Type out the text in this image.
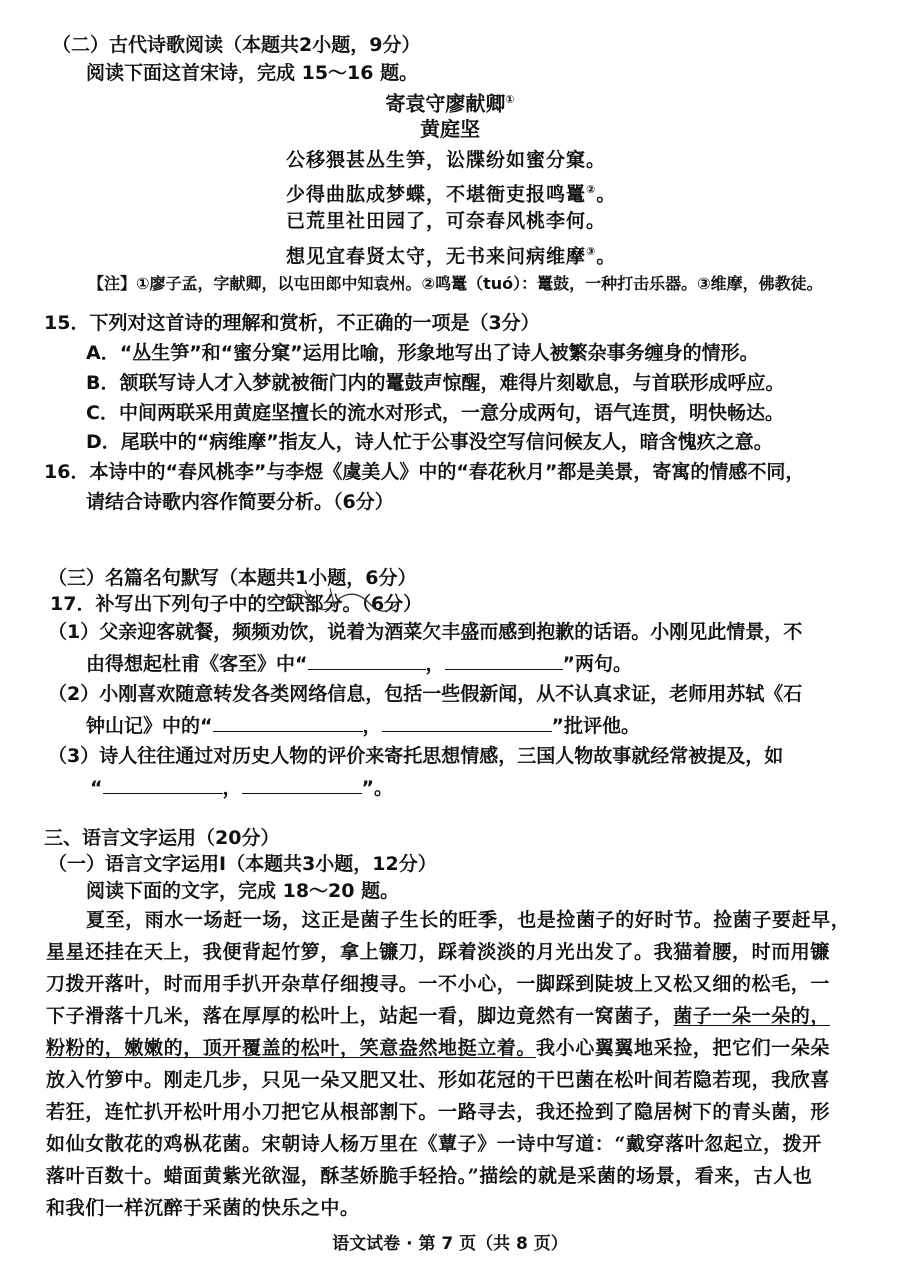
（二）古代诗歌阅读（本题共2小题，9分）
阅读下面这首宋诗，完成 15～16 题。
寄袁守廖献卿①
黄庭坚
公移猥甚丛生笋，讼牒纷如蜜分窠。
少得曲肱成梦蝶，不堪衙吏报鸣鼍②。
已荒里社田园了，可奈春风桃李何。
想见宜春贤太守，无书来问病维摩③。
【注】①廖子孟，字献卿，以屯田郎中知袁州。②鸣鼍（tuó）：鼍鼓，一种打击乐器。③维摩，佛教徒。
15．下列对这首诗的理解和赏析，不正确的一项是（3分）
A．“丛生笋”和“蜜分窠”运用比喻，形象地写出了诗人被繁杂事务缠身的情形。
B．颔联写诗人才入梦就被衙门内的鼍鼓声惊醒，难得片刻歇息，与首联形成呼应。
C．中间两联采用黄庭坚擅长的流水对形式，一意分成两句，语气连贯，明快畅达。
D．尾联中的“病维摩”指友人，诗人忙于公事没空写信问候友人，暗含愧疚之意。
16．本诗中的“春风桃李”与李煜《虞美人》中的“春花秋月”都是美景，寄寓的情感不同，
请结合诗歌内容作简要分析。（6分）
（三）名篇名句默写（本题共1小题，6分）
17．补写出下列句子中的空缺部分。（6分）
（1）父亲迎客就餐，频频劝饮，说着为酒菜欠丰盛而感到抱歉的话语。小刚见此情景，不
由得想起杜甫《客至》中“	，	”两句。
（2）小刚喜欢随意转发各类网络信息，包括一些假新闻，从不认真求证，老师用苏轼《石
钟山记》中的“	，	”批评他。
（3）诗人往往通过对历史人物的评价来寄托思想情感，三国人物故事就经常被提及，如
“	，	”。
三、语言文字运用（20分）
（一）语言文字运用Ⅰ（本题共3小题，12分）
阅读下面的文字，完成 18～20 题。
夏至，雨水一场赶一场，这正是菌子生长的旺季，也是捡菌子的好时节。捡菌子要赶早，
星星还挂在天上，我便背起竹箩，拿上镰刀，踩着淡淡的月光出发了。我猫着腰，时而用镰
刀拨开落叶，时而用手扒开杂草仔细搜寻。一不小心，一脚踩到陡坡上又松又细的松毛，一
下子滑落十几米，落在厚厚的松叶上，站起一看，脚边竟然有一窝菌子，菌子一朵一朵的，
粉粉的，嫩嫩的，顶开覆盖的松叶，笑意盎然地挺立着。我小心翼翼地采捡，把它们一朵朵
放入竹箩中。刚走几步，只见一朵又肥又壮、形如花冠的干巴菌在松叶间若隐若现，我欣喜
若狂，连忙扒开松叶用小刀把它从根部割下。一路寻去，我还捡到了隐居树下的青头菌，形
如仙女散花的鸡枞花菌。宋朝诗人杨万里在《蕈子》一诗中写道：“戴穿落叶忽起立，拨开
落叶百数十。蜡面黄紫光欲湿，酥茎娇脆手轻拾。”描绘的就是采菌的场景，看来，古人也
和我们一样沉醉于采菌的快乐之中。
语文试卷 · 第 7 页（共 8 页）
